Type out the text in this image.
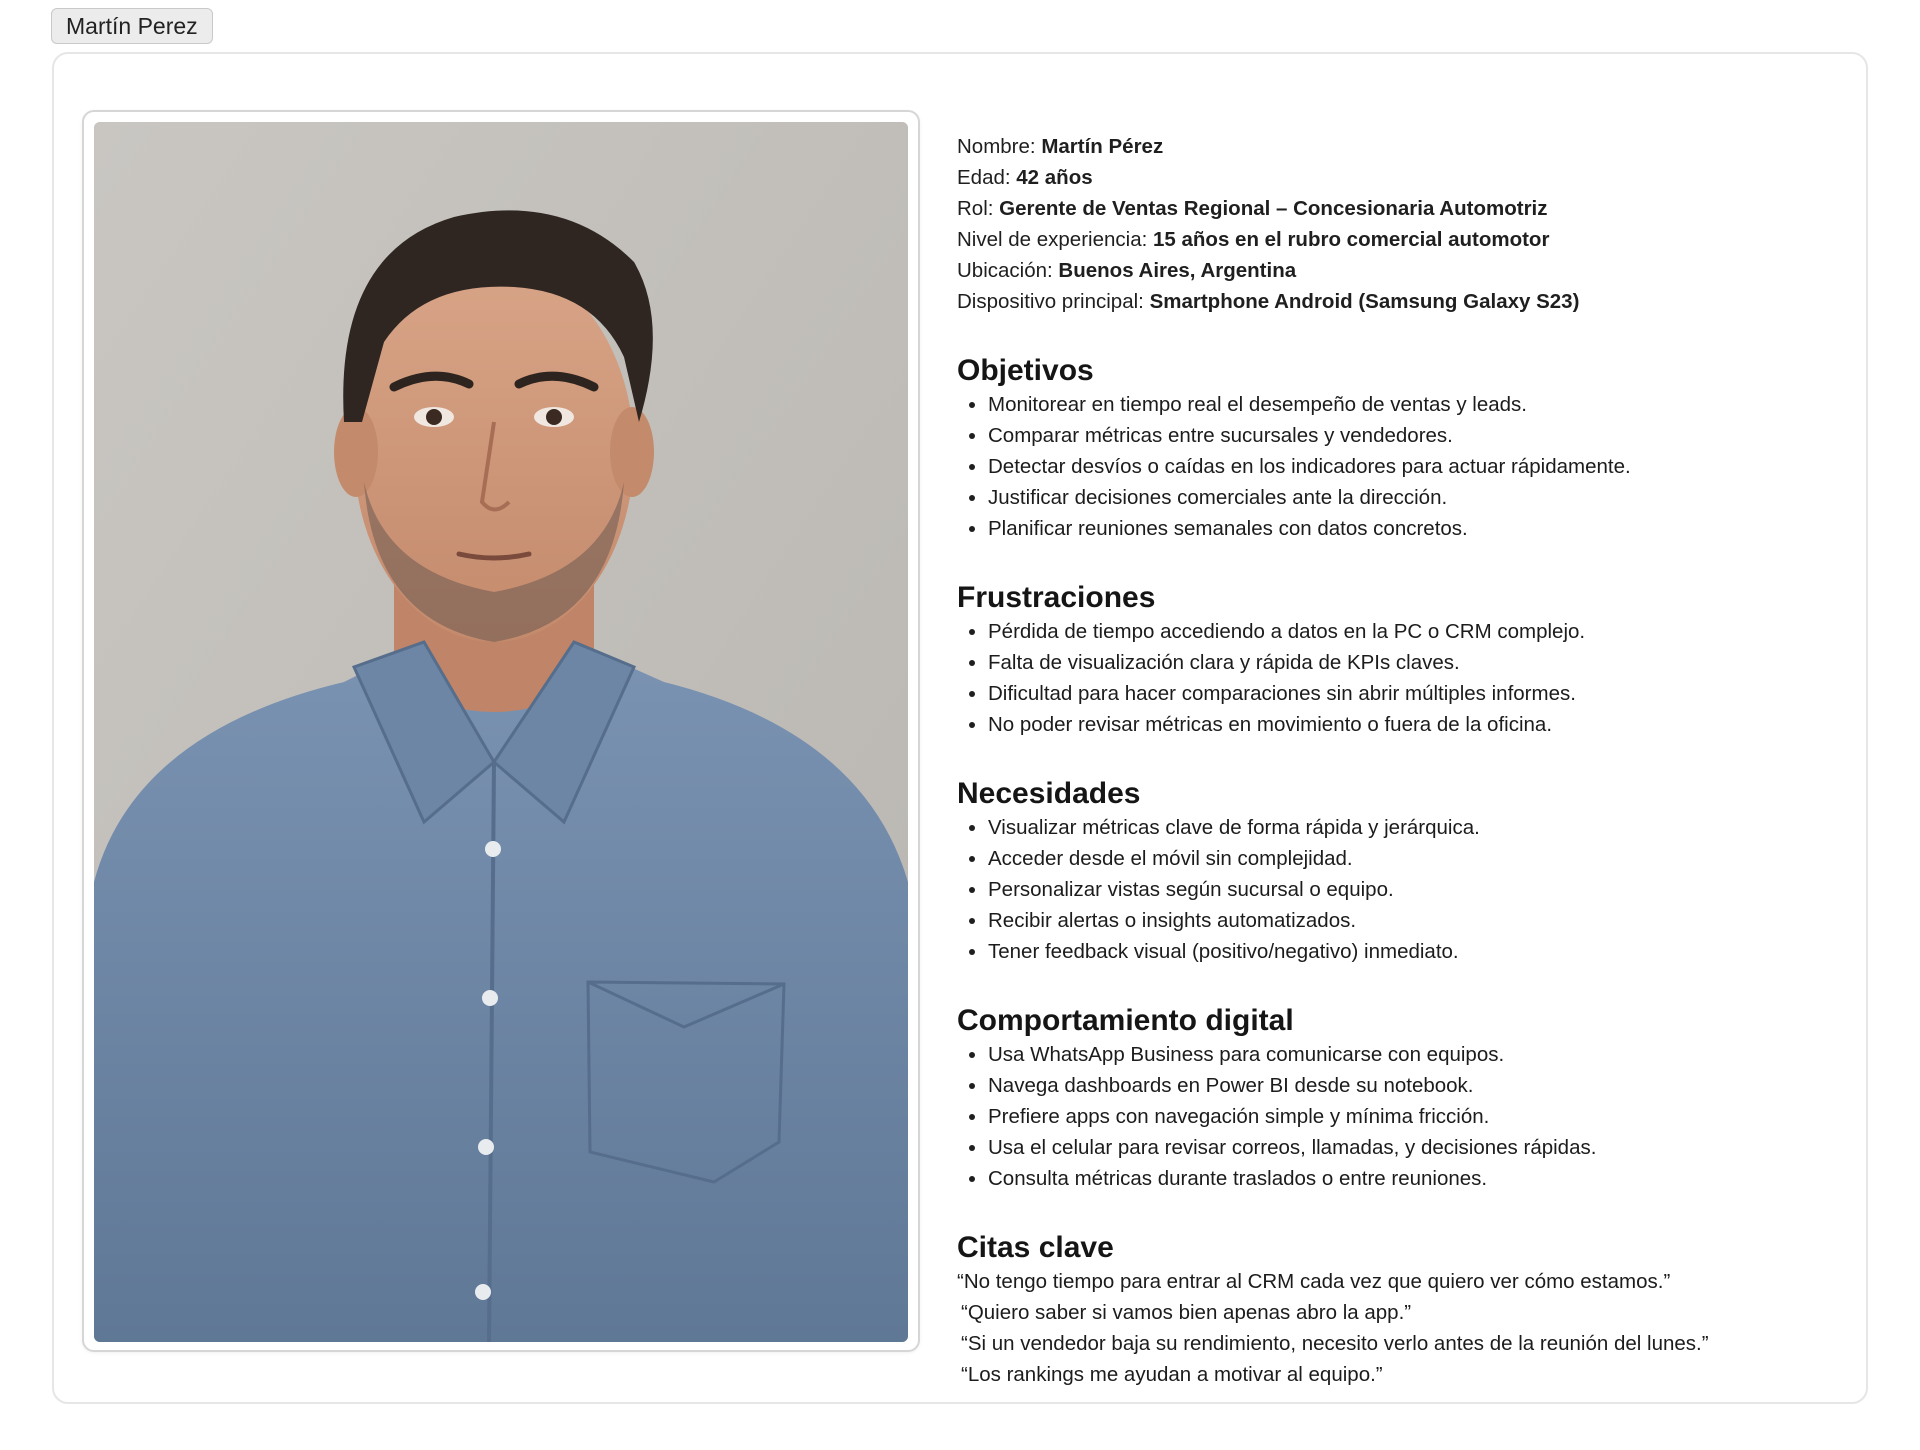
Martín Perez
Nombre: Martín Pérez
Edad: 42 años
Rol: Gerente de Ventas Regional – Concesionaria Automotriz
Nivel de experiencia: 15 años en el rubro comercial automotor
Ubicación: Buenos Aires, Argentina
Dispositivo principal: Smartphone Android (Samsung Galaxy S23)
Objetivos
Monitorear en tiempo real el desempeño de ventas y leads.
Comparar métricas entre sucursales y vendedores.
Detectar desvíos o caídas en los indicadores para actuar rápidamente.
Justificar decisiones comerciales ante la dirección.
Planificar reuniones semanales con datos concretos.
Frustraciones
Pérdida de tiempo accediendo a datos en la PC o CRM complejo.
Falta de visualización clara y rápida de KPIs claves.
Dificultad para hacer comparaciones sin abrir múltiples informes.
No poder revisar métricas en movimiento o fuera de la oficina.
Necesidades
Visualizar métricas clave de forma rápida y jerárquica.
Acceder desde el móvil sin complejidad.
Personalizar vistas según sucursal o equipo.
Recibir alertas o insights automatizados.
Tener feedback visual (positivo/negativo) inmediato.
Comportamiento digital
Usa WhatsApp Business para comunicarse con equipos.
Navega dashboards en Power BI desde su notebook.
Prefiere apps con navegación simple y mínima fricción.
Usa el celular para revisar correos, llamadas, y decisiones rápidas.
Consulta métricas durante traslados o entre reuniones.
Citas clave

“No tengo tiempo para entrar al CRM cada vez que quiero ver cómo estamos.”

“Quiero saber si vamos bien apenas abro la app.”

“Si un vendedor baja su rendimiento, necesito verlo antes de la reunión del lunes.”

“Los rankings me ayudan a motivar al equipo.”
